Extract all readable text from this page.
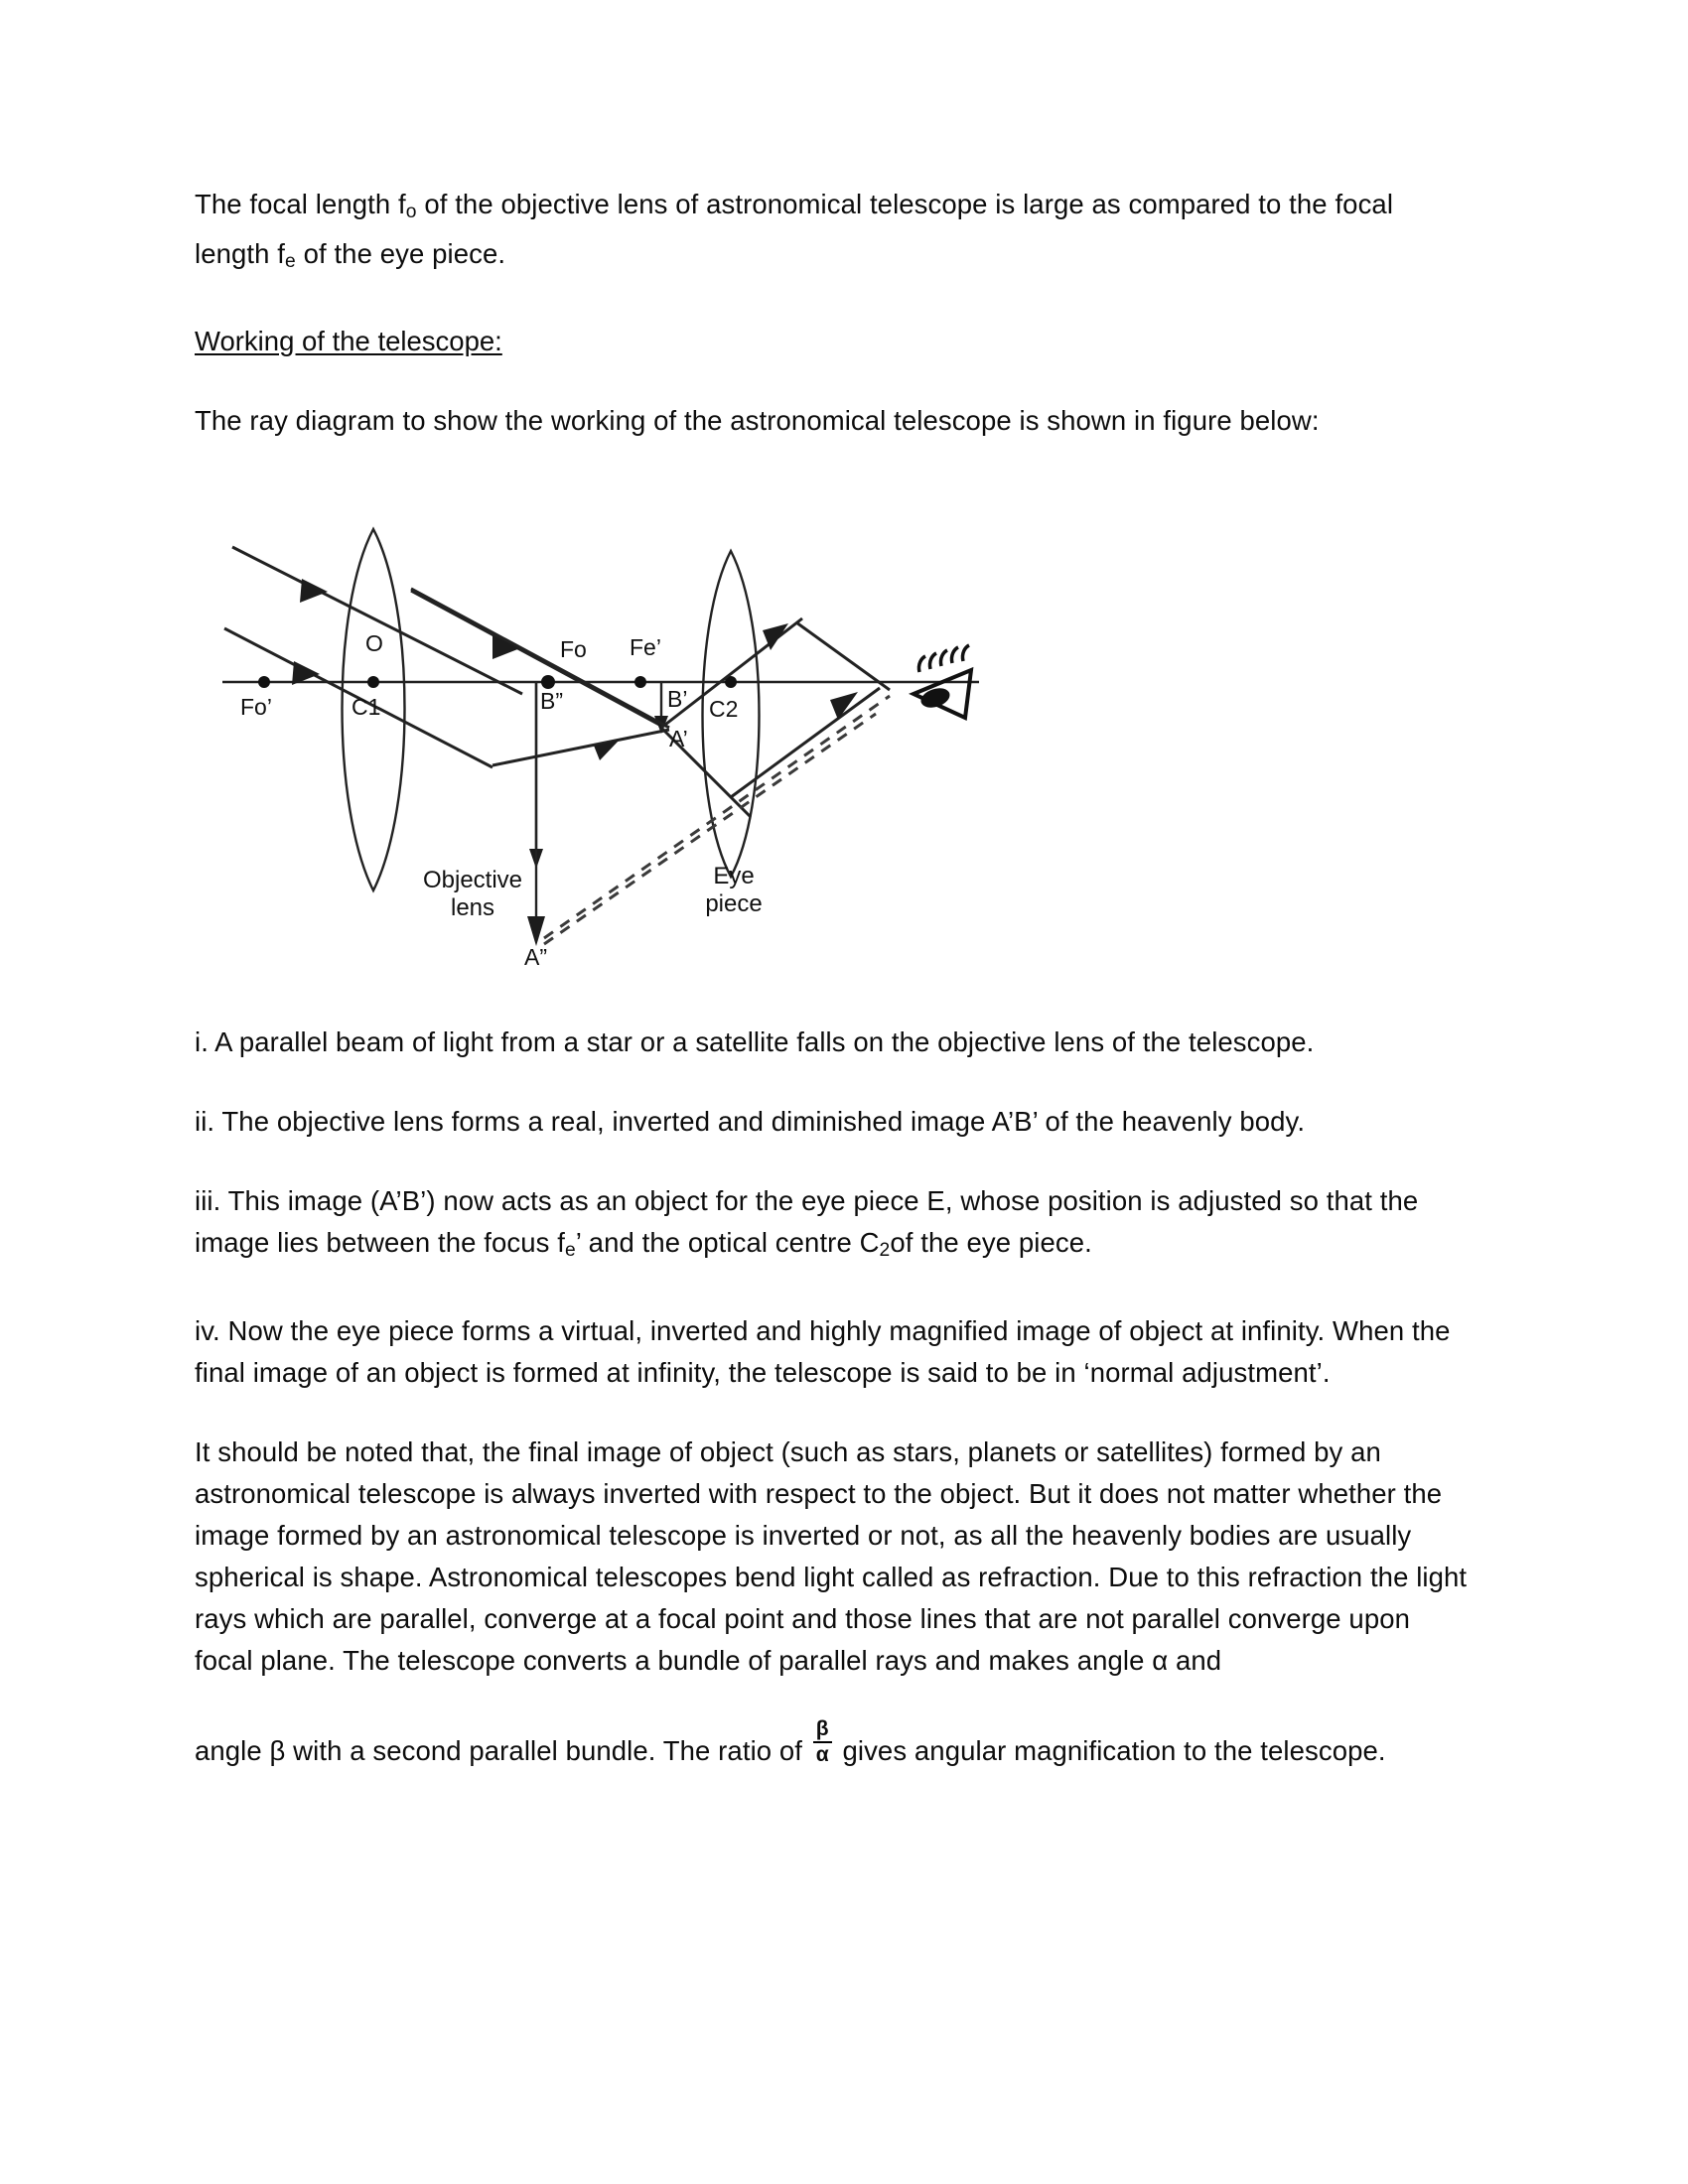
The focal length $f_o$ of the objective lens of astronomical telescope is large as compared to the focal length $f_e$ of the eye piece.

Working of the telescope:

The ray diagram to show the working of the astronomical telescope is shown in figure below:

Fo’	C1
O	Fo Fe’
B”	B’
A’
C2
A”
Objective
lens
Eye
piece

i. A parallel beam of light from a star or a satellite falls on the objective lens of the telescope.

ii. The objective lens forms a real, inverted and diminished image A’B’ of the heavenly body.

iii. This image (A’B’) now acts as an object for the eye piece E, whose position is adjusted so that the image lies between the focus $f_e$’ and the optical centre $C_2of$ the eye piece.

iv. Now the eye piece forms a virtual, inverted and highly magnified image of object at infinity. When the final image of an object is formed at infinity, the telescope is said to be in ‘normal adjustment’.

It should be noted that, the final image of object (such as stars, planets or satellites) formed by an astronomical telescope is always inverted with respect to the object. But it does not matter whether the image formed by an astronomical telescope is inverted or not, as all the heavenly bodies are usually spherical is shape. Astronomical telescopes bend light called as refraction. Due to this refraction the light rays which are parallel, converge at a focal point and those lines that are not parallel converge upon focal plane. The telescope converts a bundle of parallel rays and makes angle α and

angle β with a second parallel bundle. The ratio of $\frac{\beta}{\alpha}$ gives angular magnification to the telescope.
